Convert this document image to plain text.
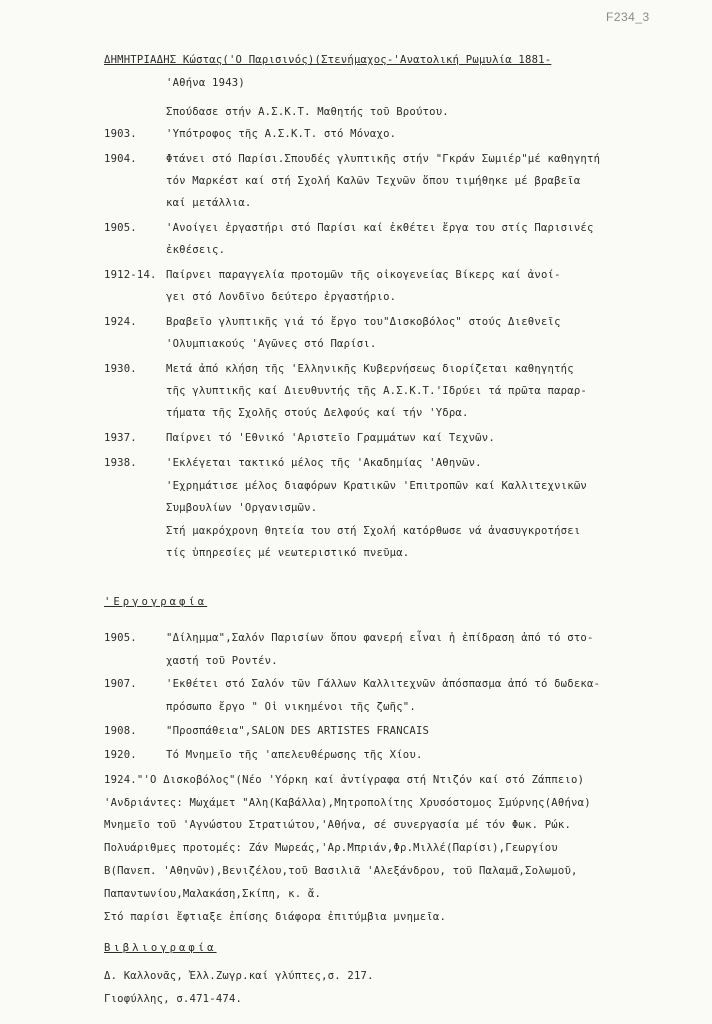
F234_3
ΔΗΜΗΤΡΙΑΔΗΣ Κώστας('Ο Παρισινός)(Στενήμαχος-'Ανατολική Ρωμυλία 1881-
'Αθήνα 1943)
Σπούδασε στήν Α.Σ.Κ.Τ. Μαθητής τοῦ Βρούτου.
1903.	'Υπότροφος τῆς Α.Σ.Κ.Τ. στό Μόναχο.
1904.	Φτάνει στό Παρίσι.Σπουδές γλυπτικῆς στήν "Γκράν Σωμιέρ"μέ καθηγητή
τόν Μαρκέστ καί στή Σχολή Καλῶν Τεχνῶν ὅπου τιμήθηκε μέ βραβεῖα
καί μετάλλια.
1905.	'Ανοίγει ἐργαστήρι στό Παρίσι καί ἐκθέτει ἔργα του στίς Παρισινές
ἐκθέσεις.
1912-14. Παίρνει παραγγελία προτομῶν τῆς οἰκογενείας Βίκερς καί ἀνοί-
γει στό Λονδῖνο δεύτερο ἐργαστήριο.
1924.	Βραβεῖο γλυπτικῆς γιά τό ἔργο του"Δισκοβόλος" στούς Διεθνεῖς
'Ολυμπιακούς 'Αγῶνες στό Παρίσι.
1930.	Μετά ἀπό κλήση τῆς 'Ελληνικῆς Κυβερνήσεως διορίζεται καθηγητής
τῆς γλυπτικῆς καί Διευθυντής τῆς Α.Σ.Κ.Τ.'Ιδρύει τά πρῶτα παραρ-
τήματα τῆς Σχολῆς στούς Δελφούς καί τήν 'Υδρα.
1937.	Παίρνει τό 'Εθνικό 'Αριστεῖο Γραμμάτων καί Τεχνῶν.
1938.	'Εκλέγεται τακτικό μέλος τῆς 'Ακαδημίας 'Αθηνῶν.
'Εχρημάτισε μέλος διαφόρων Κρατικῶν 'Επιτροπῶν καί Καλλιτεχνικῶν
Συμβουλίων 'Οργανισμῶν.
Στή μακρόχρονη θητεία του στή Σχολή κατόρθωσε νά ἀνασυγκροτήσει
τίς ὑπηρεσίες μέ νεωτεριστικό πνεῦμα.
'Εργογραφία
1905.	"Δίλημμα",Σαλόν Παρισίων ὅπου φανερή εἶναι ἡ ἐπίδραση ἀπό τό στο-
χαστή τοῦ Ροντέν.
1907.	'Εκθέτει στό Σαλόν τῶν Γάλλων Καλλιτεχνῶν ἀπόσπασμα ἀπό τό δωδεκα-
πρόσωπο ἔργο " Οἱ νικημένοι τῆς ζωῆς".
1908.	"Προσπάθεια",SALON DES ARTISTES FRANCAIS
1920.	Τό Μνημεῖο τῆς 'απελευθέρωσης τῆς Χίου.
1924."'Ο Δισκοβόλος"(Νέο 'Υόρκη καί ἀντίγραφα στή Ντιζόν καί στό Ζάππειο)
'Ανδριάντες: Μωχάμετ "Αλη(Καβάλλα),Μητροπολίτης Χρυσόστομος Σμύρνης(Αθήνα)
Μνημεῖο τοῦ 'Αγνώστου Στρατιώτου,'Αθήνα, σέ συνεργασία μέ τόν Φωκ. Ρώκ.
Πολυάριθμες προτομές: Ζάν Μωρεάς,'Αρ.Μπριάν,Φρ.Μιλλέ(Παρίσι),Γεωργίου
Β(Πανεπ. 'Αθηνῶν),Βενιζέλου,τοῦ Βασιλιᾶ 'Αλεξάνδρου, τοῦ Παλαμᾶ,Σολωμοῦ,
Παπαντωνίου,Μαλακάση,Σκίπη, κ. ἄ.
Στό παρίσι ἔφτιαξε ἐπίσης διάφορα ἐπιτύμβια μνημεῖα.
Βιβλιογραφία
Δ. Καλλονᾶς, Ἐλλ.Ζωγρ.καί γλύπτες,σ. 217.
Γιοφύλλης, σ.471-474.
